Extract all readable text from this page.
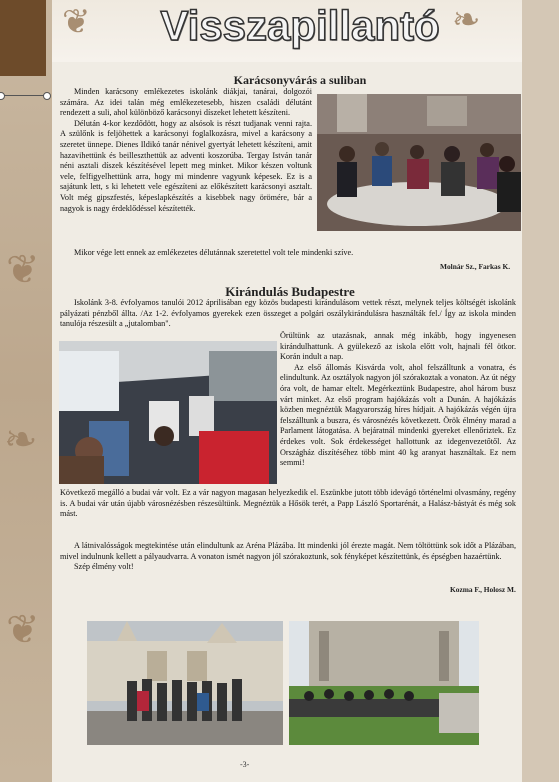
❦
❧
❦
❦	❧
Visszapillantó
Karácsonyvárás a suliban

Minden karácsony emlékezetes iskolánk diákjai, tanárai, dolgozói számára. Az idei talán még emlékezetesebb, hiszen családi délutánt rendezett a suli, ahol különböző karácsonyi díszeket lehetett készíteni.

Délután 4-kor kezdődött, hogy az alsósok is részt tudjanak venni rajta. A szülőnk is feljöhettek a karácsonyi foglalkozásra, mivel a karácsony a szeretet ünnepe. Dienes Ildikó tanár nénivel gyertyát lehetett készíteni, amit hazavihettünk és beilleszthettük az adventi koszorúba. Tergay István tanár néni asztali díszek készítésével lepett meg minket. Mikor készen voltunk vele, felfigyelhettünk arra, hogy mi mindenre vagyunk képesek. Ez is a sajátunk lett, s ki lehetett vele egészíteni az előkészített karácsonyi asztalt. Volt még gipszfestés, képeslapkészítés a kisebbek nagy örömére, bár a nagyok is nagy érdeklődéssel készítették.

Mikor vége lett ennek az emlékezetes délutánnak szeretettel volt tele mindenki szíve.

Molnár Sz., Farkas K.
Kirándulás Budapestre

Iskolánk 3-8. évfolyamos tanulói 2012 áprilisában egy közös budapesti kirándulásom vettek részt, melynek teljes költségét iskolánk pályázati pénzből állta. /Az 1-2. évfolyamos gyerekek ezen összeget a polgári oszálykirándulásra használták fel./ Így az iskola minden tanulója részesült a „jutalomban".

Örültünk az utazásnak, annak még inkább, hogy ingyenesen kirándulhattunk. A gyülekező az iskola előtt volt, hajnali fél ötkor. Korán indult a nap.

Az első állomás Kisvárda volt, ahol felszálltunk a vonatra, és elindultunk. Az osztályok nagyon jól szórakoztak a vonaton. Az út négy óra volt, de hamar eltelt. Megérkeztünk Budapestre, ahol három busz várt minket. Az első program hajókázás volt a Dunán. A hajókázás közben megnéztük Magyarország híres hídjait. A hajókázás végén újra felszálltunk a buszra, és városnézés következett. Örök élmény marad a Parlament látogatása. A bejáratnál mindenki gyereket ellenőriztek. Ez érdekes volt. Sok érdekességet hallottunk az idegenvezetőtől. Az Országház díszítéséhez több mint 40 kg aranyat használtak. Ez nem semmi!

Következő megálló a budai vár volt. Ez a vár nagyon magasan helyezkedik el. Eszünkbe jutott több idevágó történelmi olvasmány, regény is. A budai vár után újabb városnézésben részesültünk. Megnéztük a Hősök terét, a Papp László Sportarénát, a Halász-bástyát és még sok mást.

A látnivalósságok megtekintése után elindultunk az Aréna Plázába. Itt mindenki jól érezte magát. Nem töltöttünk sok időt a Plázában, mivel indulnunk kellett a pályaudvarra. A vonaton ismét nagyon jól szórakoztunk, sok fényképet készítettünk, és épségben hazaértünk.

Szép élmény volt!

Kozma F., Holosz M.
-3-
